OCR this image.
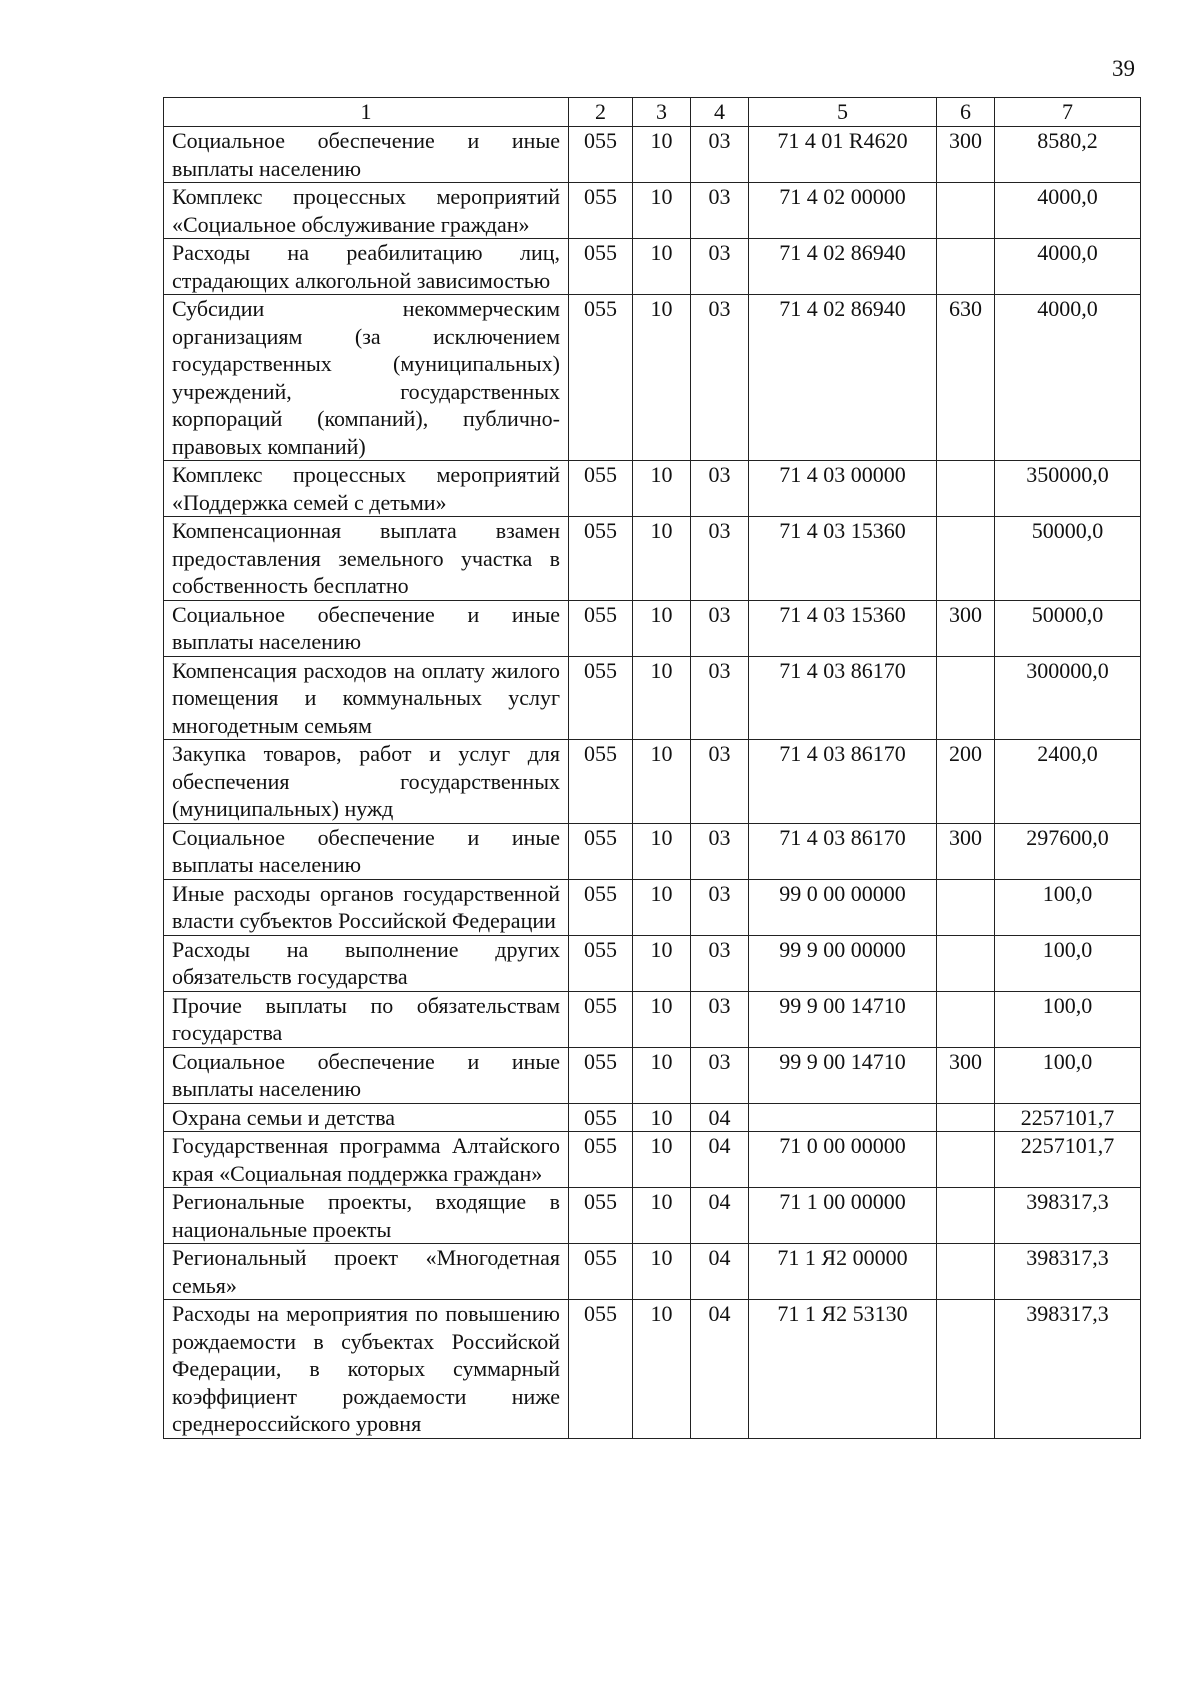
39
1	2	3	4	5	6	7
Социальное обеспечение и иные выплаты населению	055	10	03	71 4 01 R4620	300	8580,2
Комплекс процессных мероприятий «Социальное обслуживание граждан»	055	10	03	71 4 02 00000		4000,0
Расходы на реабилитацию лиц, страдающих алкогольной зависимостью	055	10	03	71 4 02 86940		4000,0
Субсидии некоммерческим организациям (за исключением государственных (муниципальных) учреждений, государственных корпораций (компаний), публично-правовых компаний)	055	10	03	71 4 02 86940	630	4000,0
Комплекс процессных мероприятий «Поддержка семей с детьми»	055	10	03	71 4 03 00000		350000,0
Компенсационная выплата взамен предоставления земельного участка в собственность бесплатно	055	10	03	71 4 03 15360		50000,0
Социальное обеспечение и иные выплаты населению	055	10	03	71 4 03 15360	300	50000,0
Компенсация расходов на оплату жилого помещения и коммунальных услуг многодетным семьям	055	10	03	71 4 03 86170		300000,0
Закупка товаров, работ и услуг для обеспечения государственных (муниципальных) нужд	055	10	03	71 4 03 86170	200	2400,0
Социальное обеспечение и иные выплаты населению	055	10	03	71 4 03 86170	300	297600,0
Иные расходы органов государственной власти субъектов Российской Федерации	055	10	03	99 0 00 00000		100,0
Расходы на выполнение других обязательств государства	055	10	03	99 9 00 00000		100,0
Прочие выплаты по обязательствам государства	055	10	03	99 9 00 14710		100,0
Социальное обеспечение и иные выплаты населению	055	10	03	99 9 00 14710	300	100,0
Охрана семьи и детства	055	10	04			2257101,7
Государственная программа Алтайского края «Социальная поддержка граждан»	055	10	04	71 0 00 00000		2257101,7
Региональные проекты, входящие в национальные проекты	055	10	04	71 1 00 00000		398317,3
Региональный проект «Многодетная семья»	055	10	04	71 1 Я2 00000		398317,3
Расходы на мероприятия по повышению рождаемости в субъектах Российской Федерации, в которых суммарный коэффициент рождаемости ниже среднероссийского уровня	055	10	04	71 1 Я2 53130		398317,3
